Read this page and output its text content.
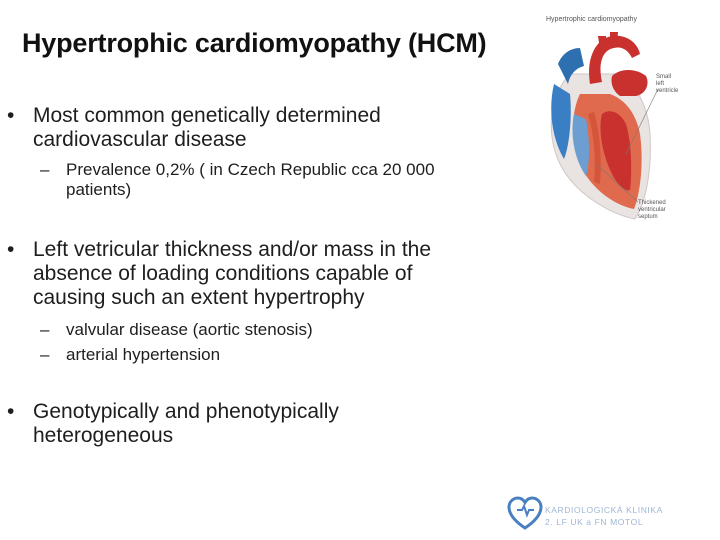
Hypertrophic cardiomyopathy (HCM)
• Most common genetically determined
cardiovascular disease
– Prevalence 0,2% ( in Czech Republic cca 20 000
patients)
• Left vetricular thickness and/or mass in the
absence of loading conditions capable of
causing such an extent hypertrophy
– valvular disease (aortic stenosis)
– arterial hypertension
• Genotypically and phenotypically
heterogeneous
Hypertrophic cardiomyopathy
Small left
ventricle
Thickened
ventricular septum
KARDIOLOGICKÁ KLINIKA
2. LF UK a FN MOTOL
